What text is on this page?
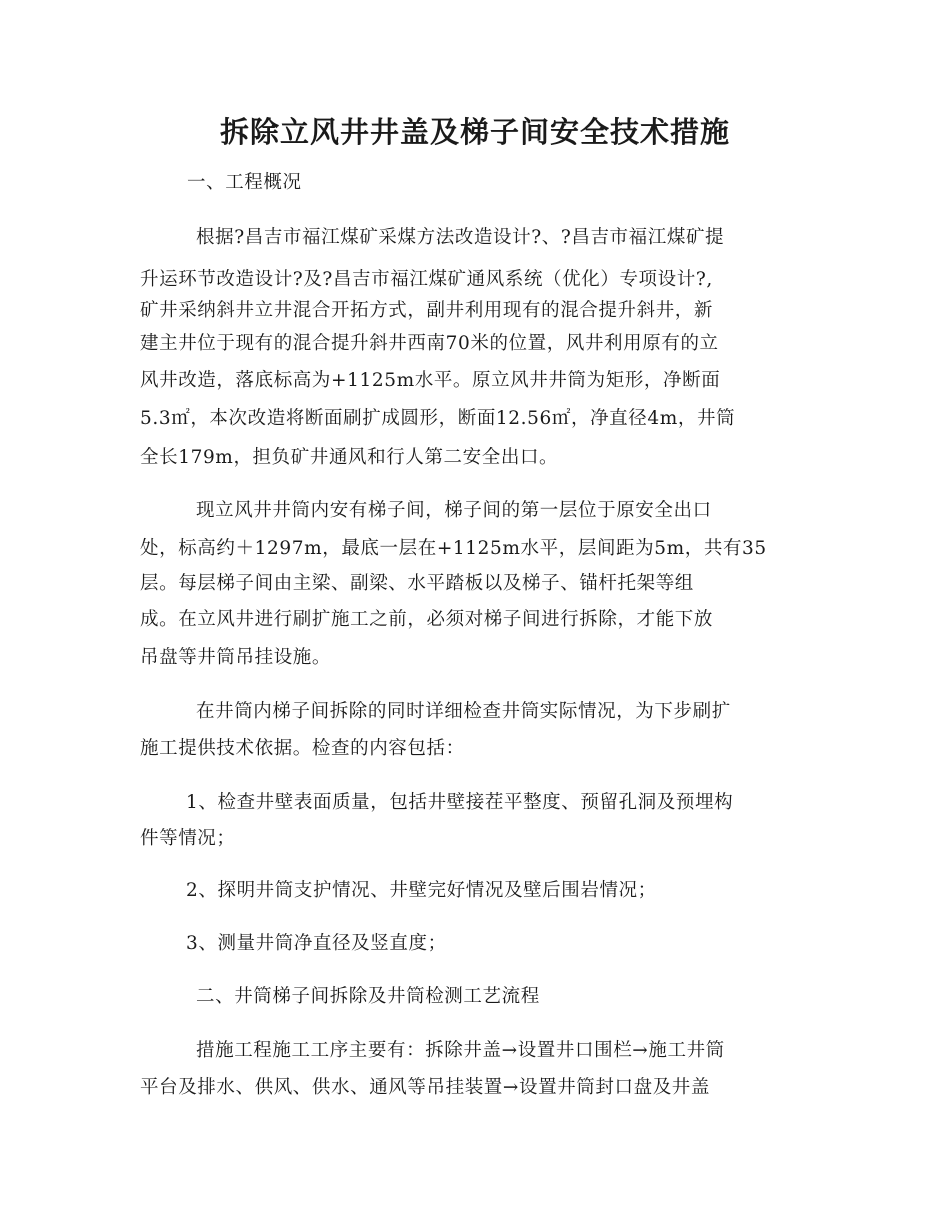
拆除立风井井盖及梯子间安全技术措施
一、工程概况
根据?昌吉市福江煤矿采煤方法改造设计?、?昌吉市福江煤矿提
升运环节改造设计?及?昌吉市福江煤矿通风系统（优化）专项设计?,
矿井采纳斜井立井混合开拓方式，副井利用现有的混合提升斜井，新
建主井位于现有的混合提升斜井西南70米的位置，风井利用原有的立
风井改造，落底标高为+1125m水平。原立风井井筒为矩形，净断面
5.3㎡，本次改造将断面刷扩成圆形，断面12.56㎡，净直径4m，井筒
全长179m，担负矿井通风和行人第二安全出口。
现立风井井筒内安有梯子间，梯子间的第一层位于原安全出口
处，标高约＋1297m，最底一层在+1125m水平，层间距为5m，共有35
层。每层梯子间由主梁、副梁、水平踏板以及梯子、锚杆托架等组
成。在立风井进行刷扩施工之前，必须对梯子间进行拆除，才能下放
吊盘等井筒吊挂设施。
在井筒内梯子间拆除的同时详细检查井筒实际情况，为下步刷扩
施工提供技术依据。检查的内容包括：
1、检查井壁表面质量，包括井壁接茬平整度、预留孔洞及预埋构
件等情况；
2、探明井筒支护情况、井壁完好情况及壁后围岩情况；
3、测量井筒净直径及竖直度；
二、井筒梯子间拆除及井筒检测工艺流程
措施工程施工工序主要有：拆除井盖→设置井口围栏→施工井筒
平台及排水、供风、供水、通风等吊挂装置→设置井筒封口盘及井盖
